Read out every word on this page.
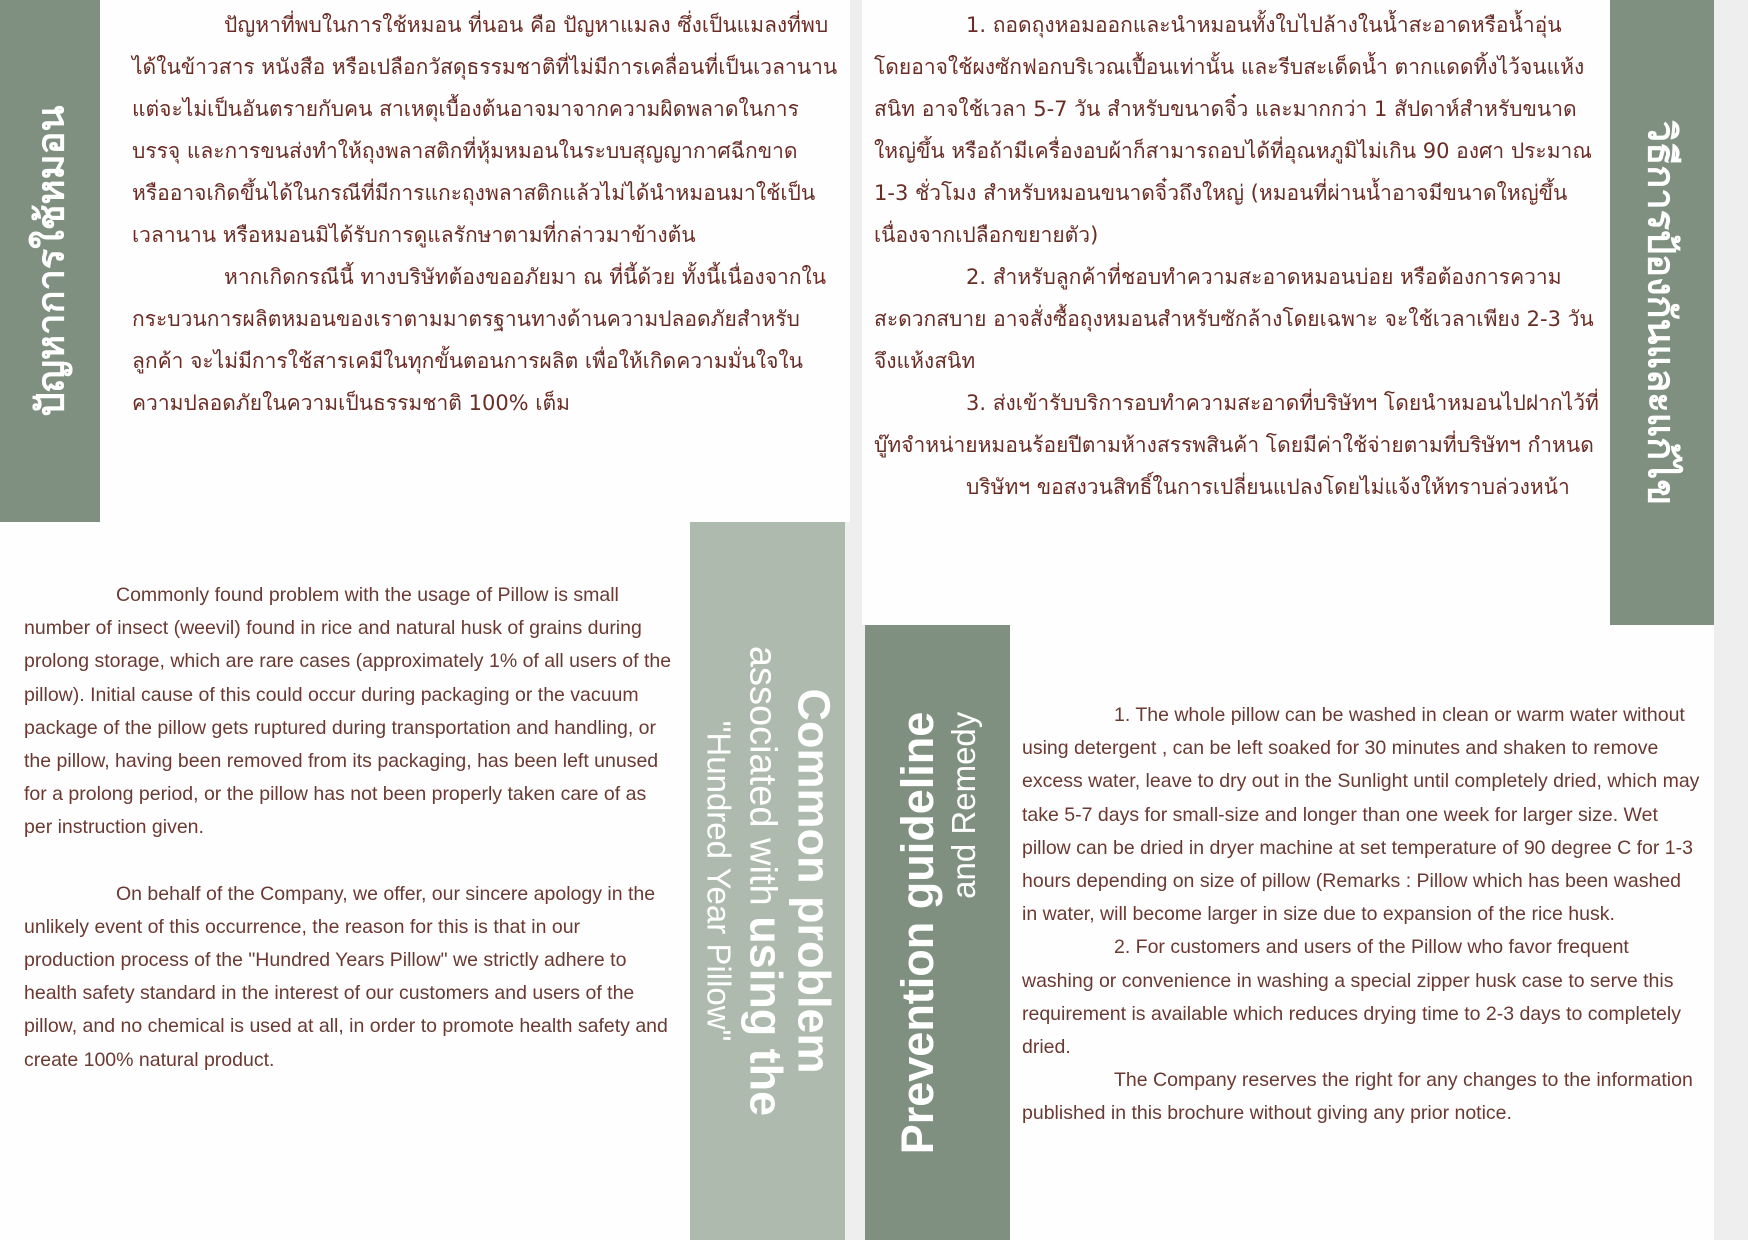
ปัญหาการใช้หมอน

ปัญหาที่พบในการใช้หมอน ที่นอน คือ ปัญหาแมลง ซึ่งเป็นแมลงที่พบได้ในข้าวสาร หนังสือ หรือเปลือกวัสดุธรรมชาติที่ไม่มีการเคลื่อนที่เป็นเวลานาน แต่จะไม่เป็นอันตรายกับคน สาเหตุเบื้องต้นอาจมาจากความผิดพลาดในการบรรจุ และการขนส่งทำให้ถุงพลาสติกที่หุ้มหมอนในระบบสุญญากาศฉีกขาด หรืออาจเกิดขึ้นได้ในกรณีที่มีการแกะถุงพลาสติกแล้วไม่ได้นำหมอนมาใช้เป็นเวลานาน หรือหมอนมิได้รับการดูแลรักษาตามที่กล่าวมาข้างต้น

หากเกิดกรณีนี้ ทางบริษัทต้องขออภัยมา ณ ที่นี้ด้วย ทั้งนี้เนื่องจากในกระบวนการผลิตหมอนของเราตามมาตรฐานทางด้านความปลอดภัยสำหรับลูกค้า จะไม่มีการใช้สารเคมีในทุกขั้นตอนการผลิต เพื่อให้เกิดความมั่นใจในความปลอดภัยในความเป็นธรรมชาติ 100% เต็ม

1. ถอดถุงหอมออกและนำหมอนทั้งใบไปล้างในน้ำสะอาดหรือน้ำอุ่น โดยอาจใช้ผงซักฟอกบริเวณเปื้อนเท่านั้น และรีบสะเด็ดน้ำ ตากแดดทิ้งไว้จนแห้งสนิท อาจใช้เวลา 5-7 วัน สำหรับขนาดจิ๋ว และมากกว่า 1 สัปดาห์สำหรับขนาดใหญ่ขึ้น หรือถ้ามีเครื่องอบผ้าก็สามารถอบได้ที่อุณหภูมิไม่เกิน 90 องศา ประมาณ 1-3 ชั่วโมง สำหรับหมอนขนาดจิ๋วถึงใหญ่ (หมอนที่ผ่านน้ำอาจมีขนาดใหญ่ขึ้น เนื่องจากเปลือกขยายตัว)

2. สำหรับลูกค้าที่ชอบทำความสะอาดหมอนบ่อย หรือต้องการความสะดวกสบาย อาจสั่งซื้อถุงหมอนสำหรับซักล้างโดยเฉพาะ จะใช้เวลาเพียง 2-3 วัน จึงแห้งสนิท

3. ส่งเข้ารับบริการอบทำความสะอาดที่บริษัทฯ โดยนำหมอนไปฝากไว้ที่บู๊ทจำหน่ายหมอนร้อยปีตามห้างสรรพสินค้า โดยมีค่าใช้จ่ายตามที่บริษัทฯ กำหนด

บริษัทฯ ขอสงวนสิทธิ์ในการเปลี่ยนแปลงโดยไม่แจ้งให้ทราบล่วงหน้า	วิธีการป้องกันและแก้ไข

Commonly found problem with the usage of Pillow is small number of insect (weevil) found in rice and natural husk of grains during prolong storage, which are rare cases (approximately 1% of all users of the pillow). Initial cause of this could occur during packaging or the vacuum package of the pillow gets ruptured during transportation and handling, or the pillow, having been removed from its packaging, has been left unused for a prolong period, or the pillow has not been properly taken care of as per instruction given.

On behalf of the Company, we offer, our sincere apology in the unlikely event of this occurrence, the reason for this is that in our production process of the "Hundred Years Pillow" we strictly adhere to health safety standard in the interest of our customers and users of the pillow, and no chemical is used at all, in order to promote health safety and create 100% natural product.	Common problem
associated with using the
"Hundred Year Pillow"	Prevention guideline and Remedy	1. The whole pillow can be washed in clean or warm water without using detergent , can be left soaked for 30 minutes and shaken to remove excess water, leave to dry out in the Sunlight until completely dried, which may take 5-7 days for small-size and longer than one week for larger size. Wet pillow can be dried in dryer machine at set temperature of 90 degree C for 1-3 hours depending on size of pillow (Remarks : Pillow which has been washed in water, will become larger in size due to expansion of the rice husk.

2. For customers and users of the Pillow who favor frequent washing or convenience in washing a special zipper husk case to serve this requirement is available which reduces drying time to 2-3 days to completely dried.

The Company reserves the right for any changes to the information published in this brochure without giving any prior notice.
